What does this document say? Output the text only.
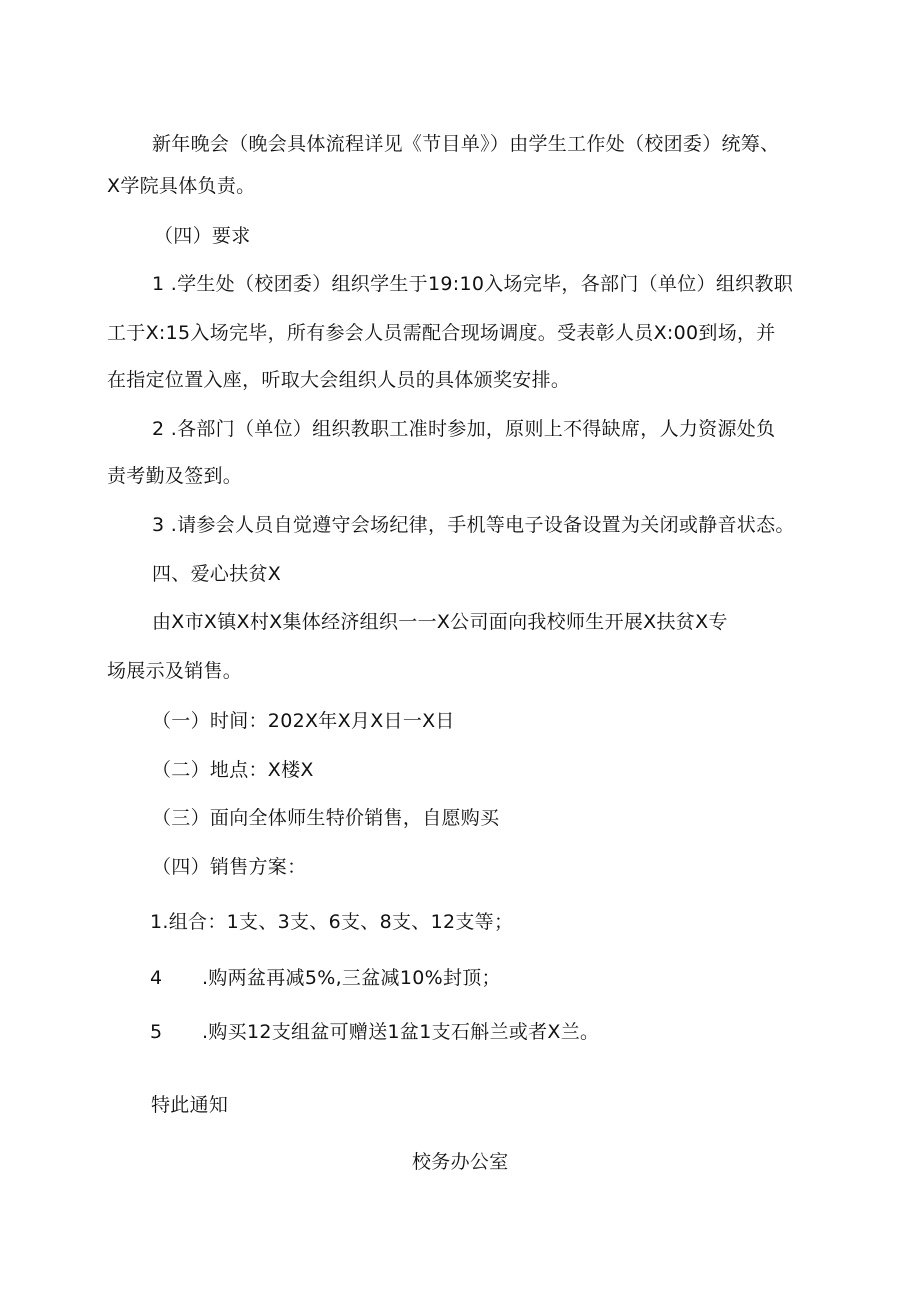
新年晚会（晚会具体流程详见《节目单》）由学生工作处（校团委）统筹、
X学院具体负责。
（四）要求
1 .学生处（校团委）组织学生于19:10入场完毕，各部门（单位）组织教职
工于X:15入场完毕，所有参会人员需配合现场调度。受表彰人员X:00到场，并
在指定位置入座，听取大会组织人员的具体颁奖安排。
2 .各部门（单位）组织教职工准时参加，原则上不得缺席，人力资源处负
责考勤及签到。
3 .请参会人员自觉遵守会场纪律，手机等电子设备设置为关闭或静音状态。
四、爱心扶贫X
由X市X镇X村X集体经济组织一一X公司面向我校师生开展X扶贫X专
场展示及销售。
（一）时间：202X年X月X日一X日
（二）地点：X楼X
（三）面向全体师生特价销售，自愿购买
（四）销售方案：
1.组合：1支、3支、6支、8支、12支等；
4 .购两盆再减5%,三盆减10%封顶；
5 .购买12支组盆可赠送1盆1支石斛兰或者X兰。
特此通知
校务办公室
